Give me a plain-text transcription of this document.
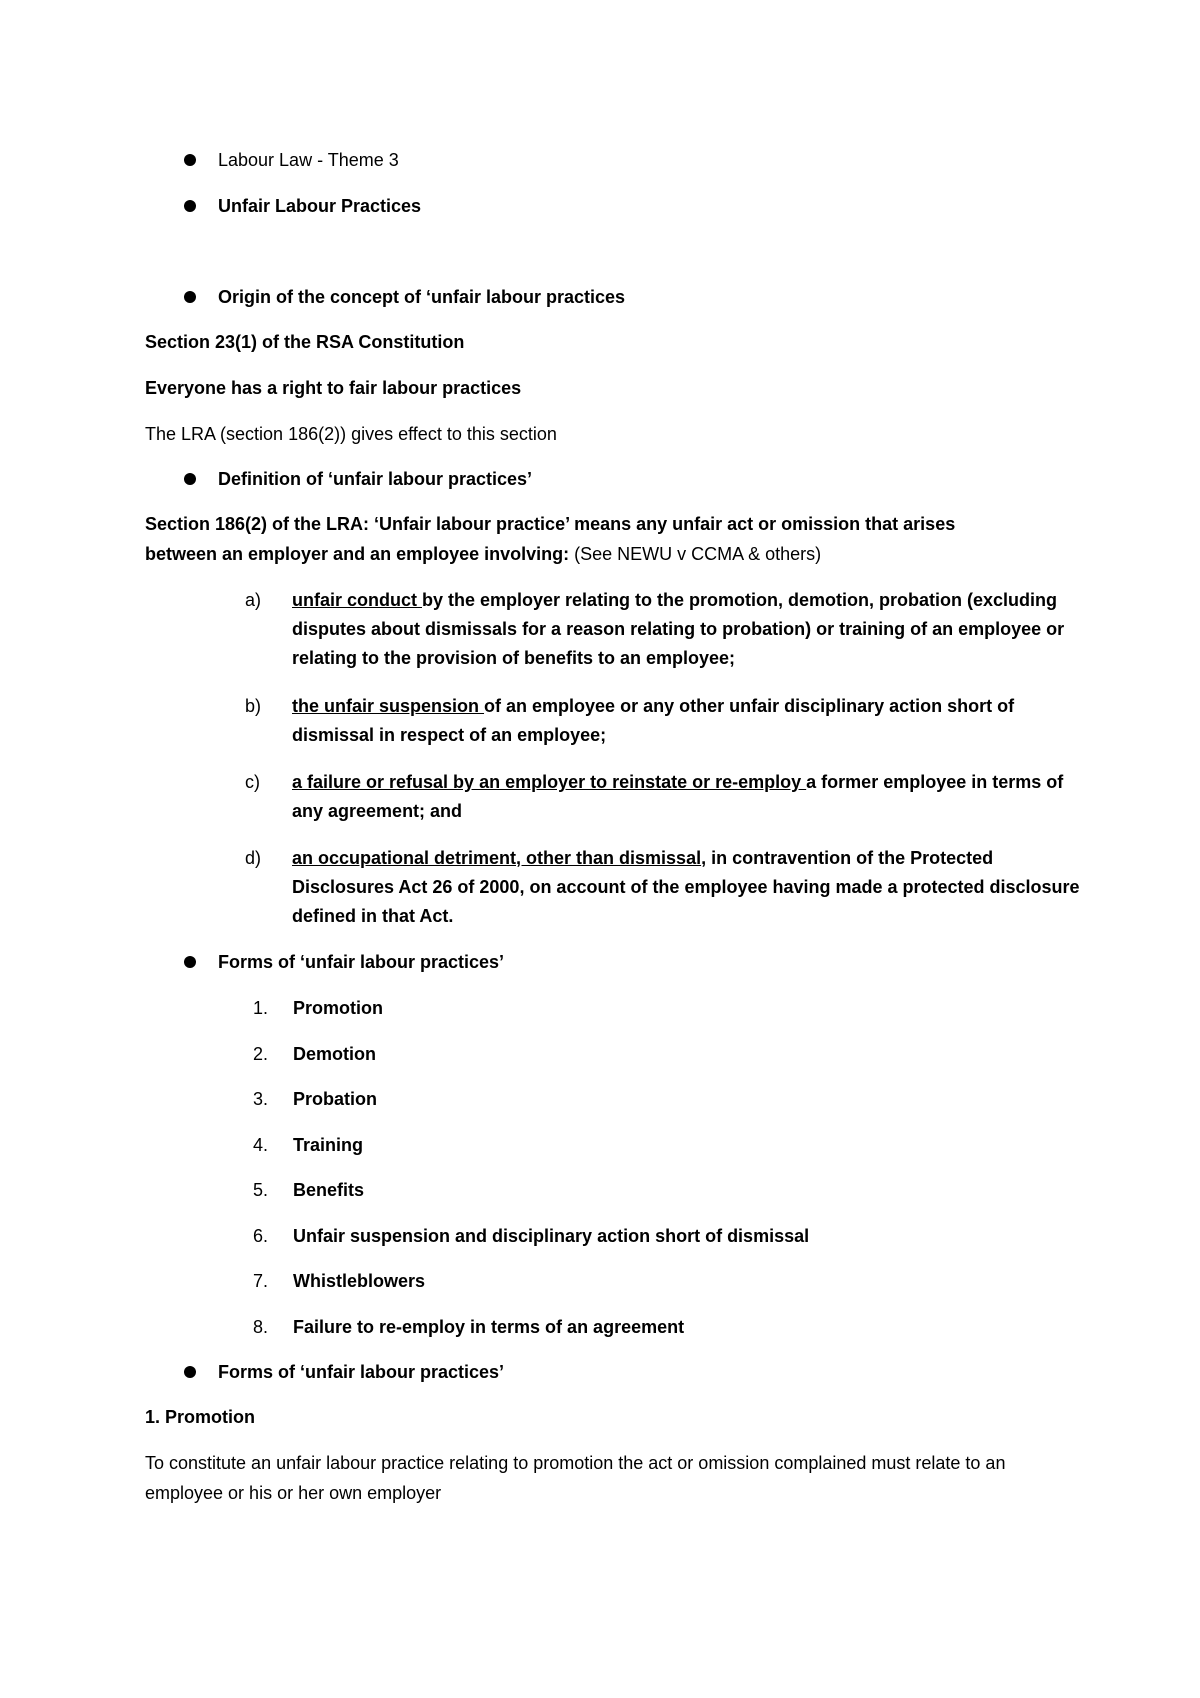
Labour Law - Theme 3
Unfair Labour Practices
Origin of the concept of ‘unfair labour practices
Section 23(1) of the RSA Constitution
Everyone has a right to fair labour practices
The LRA (section 186(2)) gives effect to this section
Definition of ‘unfair labour practices’
Section 186(2) of the LRA: ‘Unfair labour practice’ means any unfair act or omission that arises
between an employer and an employee involving: (See NEWU v CCMA & others)
a)	unfair conduct by the employer relating to the promotion, demotion, probation (excluding disputes about dismissals for a reason relating to probation) or training of an employee or relating to the provision of benefits to an employee;
b)	the unfair suspension of an employee or any other unfair disciplinary action short of dismissal in respect of an employee;
c)	a failure or refusal by an employer to reinstate or re-employ a former employee in terms of any agreement; and
d)	an occupational detriment, other than dismissal, in contravention of the Protected Disclosures Act 26 of 2000, on account of the employee having made a protected disclosure defined in that Act.
Forms of ‘unfair labour practices’
1. Promotion
2. Demotion
3. Probation
4. Training
5. Benefits
6. Unfair suspension and disciplinary action short of dismissal
7. Whistleblowers
8. Failure to re-employ in terms of an agreement
Forms of ‘unfair labour practices’
1. Promotion
To constitute an unfair labour practice relating to promotion the act or omission complained must relate to an employee or his or her own employer
